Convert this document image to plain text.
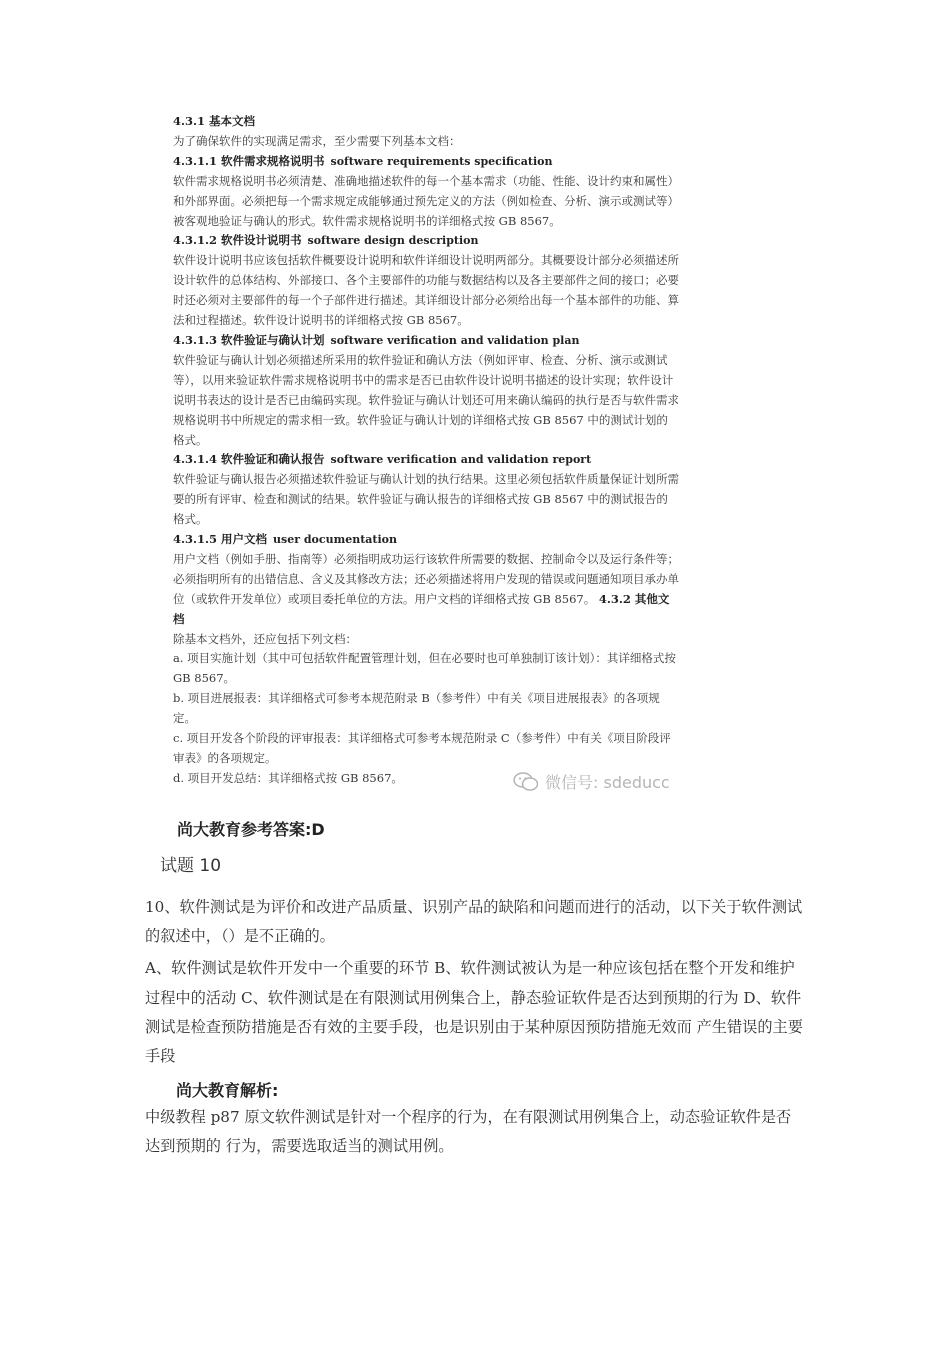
4.3.1 基本文档

为了确保软件的实现满足需求，至少需要下列基本文档：

4.3.1.1 软件需求规格说明书 software requirements specification

软件需求规格说明书必须清楚、准确地描述软件的每一个基本需求（功能、性能、设计约束和属性）和外部界面。必须把每一个需求规定成能够通过预先定义的方法（例如检查、分析、演示或测试等）被客观地验证与确认的形式。软件需求规格说明书的详细格式按 GB 8567。

4.3.1.2 软件设计说明书 software design description

软件设计说明书应该包括软件概要设计说明和软件详细设计说明两部分。其概要设计部分必须描述所设计软件的总体结构、外部接口、各个主要部件的功能与数据结构以及各主要部件之间的接口；必要时还必须对主要部件的每一个子部件进行描述。其详细设计部分必须给出每一个基本部件的功能、算法和过程描述。软件设计说明书的详细格式按 GB 8567。

4.3.1.3 软件验证与确认计划 software verification and validation plan

软件验证与确认计划必须描述所采用的软件验证和确认方法（例如评审、检查、分析、演示或测试等），以用来验证软件需求规格说明书中的需求是否已由软件设计说明书描述的设计实现；软件设计说明书表达的设计是否已由编码实现。软件验证与确认计划还可用来确认编码的执行是否与软件需求规格说明书中所规定的需求相一致。软件验证与确认计划的详细格式按 GB 8567 中的测试计划的格式。

4.3.1.4 软件验证和确认报告 software verification and validation report

软件验证与确认报告必须描述软件验证与确认计划的执行结果。这里必须包括软件质量保证计划所需要的所有评审、检查和测试的结果。软件验证与确认报告的详细格式按 GB 8567 中的测试报告的格式。

4.3.1.5 用户文档 user documentation

用户文档（例如手册、指南等）必须指明成功运行该软件所需要的数据、控制命令以及运行条件等；必须指明所有的出错信息、含义及其修改方法；还必须描述将用户发现的错误或问题通知项目承办单位（或软件开发单位）或项目委托单位的方法。用户文档的详细格式按 GB 8567。 4.3.2 其他文档

除基本文档外，还应包括下列文档：

a. 项目实施计划（其中可包括软件配置管理计划，但在必要时也可单独制订该计划）：其详细格式按 GB 8567。

b. 项目进展报表：其详细格式可参考本规范附录 B（参考件）中有关《项目进展报表》的各项规定。

c. 项目开发各个阶段的评审报表：其详细格式可参考本规范附录 C（参考件）中有关《项目阶段评审表》的各项规定。

d. 项目开发总结：其详细格式按 GB 8567。	微信号: sdeducc
尚大教育参考答案:D
试题 10

10、软件测试是为评价和改进产品质量、识别产品的缺陷和问题而进行的活动，以下关于软件测试的叙述中，（）是不正确的。

A、软件测试是软件开发中一个重要的环节 B、软件测试被认为是一种应该包括在整个开发和维护过程中的活动 C、软件测试是在有限测试用例集合上，静态验证软件是否达到预期的行为 D、软件测试是检查预防措施是否有效的主要手段，也是识别由于某种原因预防措施无效而 产生错误的主要手段

尚大教育解析:

中级教程 p87 原文软件测试是针对一个程序的行为，在有限测试用例集合上，动态验证软件是否达到预期的 行为，需要选取适当的测试用例。
